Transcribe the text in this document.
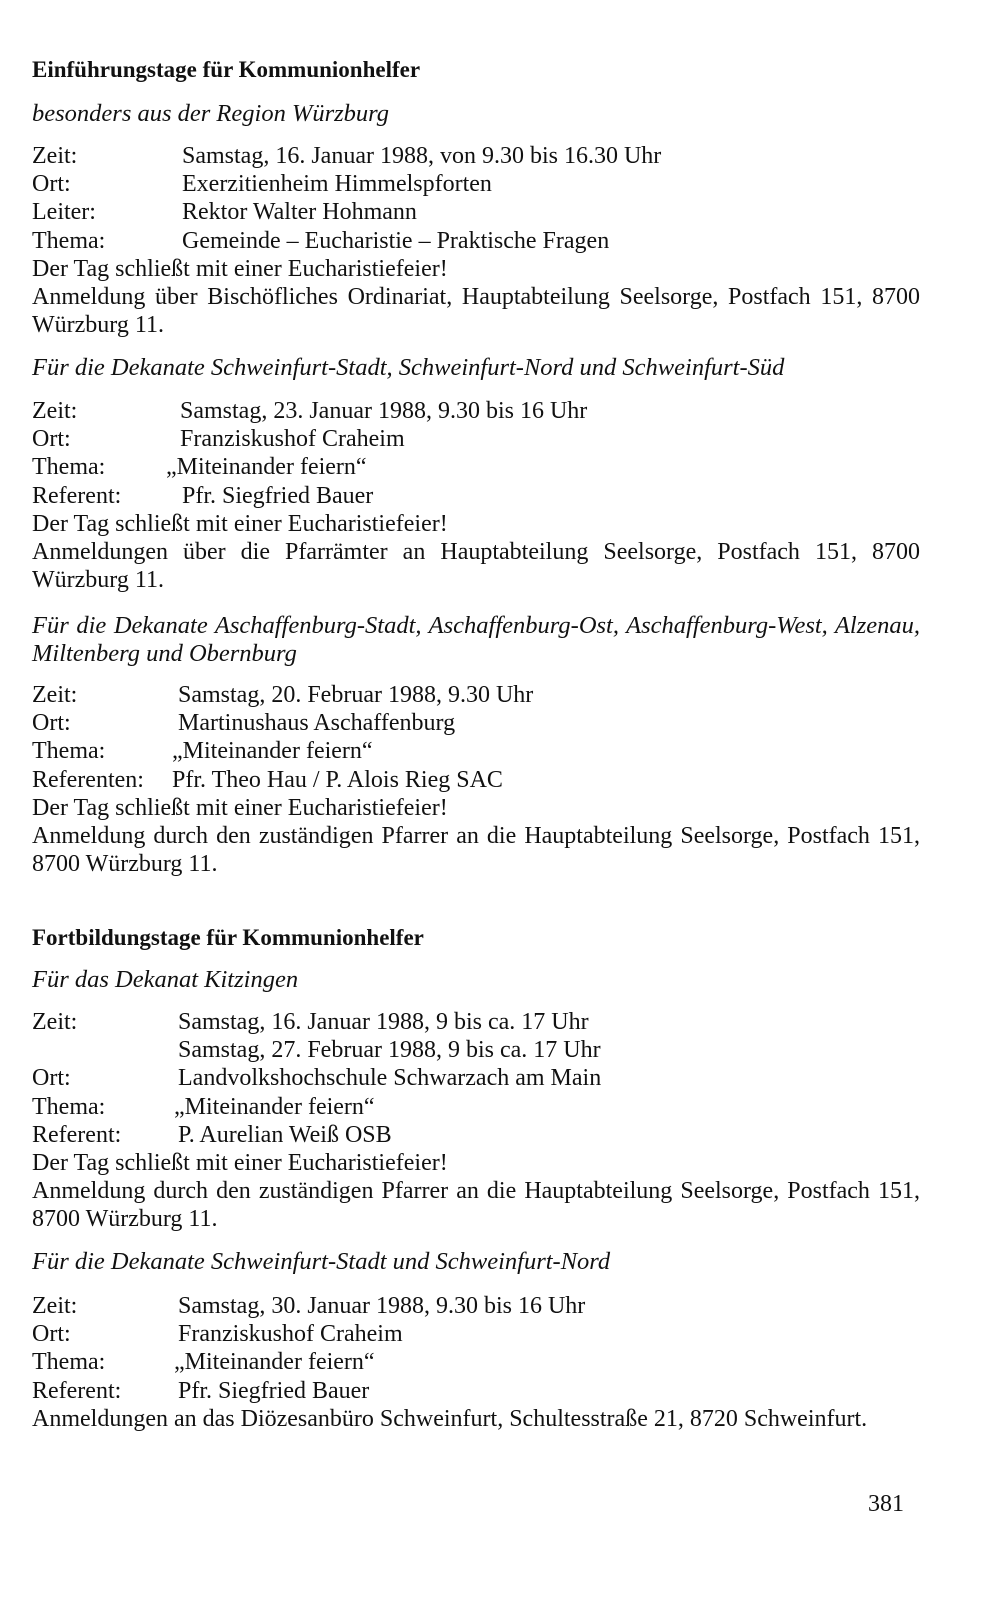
Einführungstage für Kommunionhelfer
besonders aus der Region Würzburg
Zeit:	Samstag, 16. Januar 1988, von 9.30 bis 16.30 Uhr
Ort:	Exerzitienheim Himmelspforten
Leiter:	Rektor Walter Hohmann
Thema:	Gemeinde – Eucharistie – Praktische Fragen
Der Tag schließt mit einer Eucharistiefeier!
Anmeldung über Bischöfliches Ordinariat, Hauptabteilung Seelsorge, Postfach 151, 8700 Würzburg 11.
Für die Dekanate Schweinfurt-Stadt, Schweinfurt-Nord und Schweinfurt-Süd
Zeit:	Samstag, 23. Januar 1988, 9.30 bis 16 Uhr
Ort:	Franziskushof Craheim
Thema:	„Miteinander feiern“
Referent:	Pfr. Siegfried Bauer
Der Tag schließt mit einer Eucharistiefeier!
Anmeldungen über die Pfarrämter an Hauptabteilung Seelsorge, Postfach 151, 8700 Würzburg 11.
Für die Dekanate Aschaffenburg-Stadt, Aschaffenburg-Ost, Aschaffenburg-West, Alzenau, Miltenberg und Obernburg
Zeit:	Samstag, 20. Februar 1988, 9.30 Uhr
Ort:	Martinushaus Aschaffenburg
Thema:	„Miteinander feiern“
Referenten: Pfr. Theo Hau / P. Alois Rieg SAC
Der Tag schließt mit einer Eucharistiefeier!
Anmeldung durch den zuständigen Pfarrer an die Hauptabteilung Seelsorge, Postfach 151, 8700 Würzburg 11.
Fortbildungstage für Kommunionhelfer
Für das Dekanat Kitzingen
Zeit:	Samstag, 16. Januar 1988, 9 bis ca. 17 Uhr
Samstag, 27. Februar 1988, 9 bis ca. 17 Uhr
Ort:	Landvolkshochschule Schwarzach am Main
Thema:	„Miteinander feiern“
Referent: P. Aurelian Weiß OSB
Der Tag schließt mit einer Eucharistiefeier!
Anmeldung durch den zuständigen Pfarrer an die Hauptabteilung Seelsorge, Postfach 151, 8700 Würzburg 11.
Für die Dekanate Schweinfurt-Stadt und Schweinfurt-Nord
Zeit:	Samstag, 30. Januar 1988, 9.30 bis 16 Uhr
Ort:	Franziskushof Craheim
Thema:	„Miteinander feiern“
Referent: Pfr. Siegfried Bauer
Anmeldungen an das Diözesanbüro Schweinfurt, Schultesstraße 21, 8720 Schweinfurt.
381
